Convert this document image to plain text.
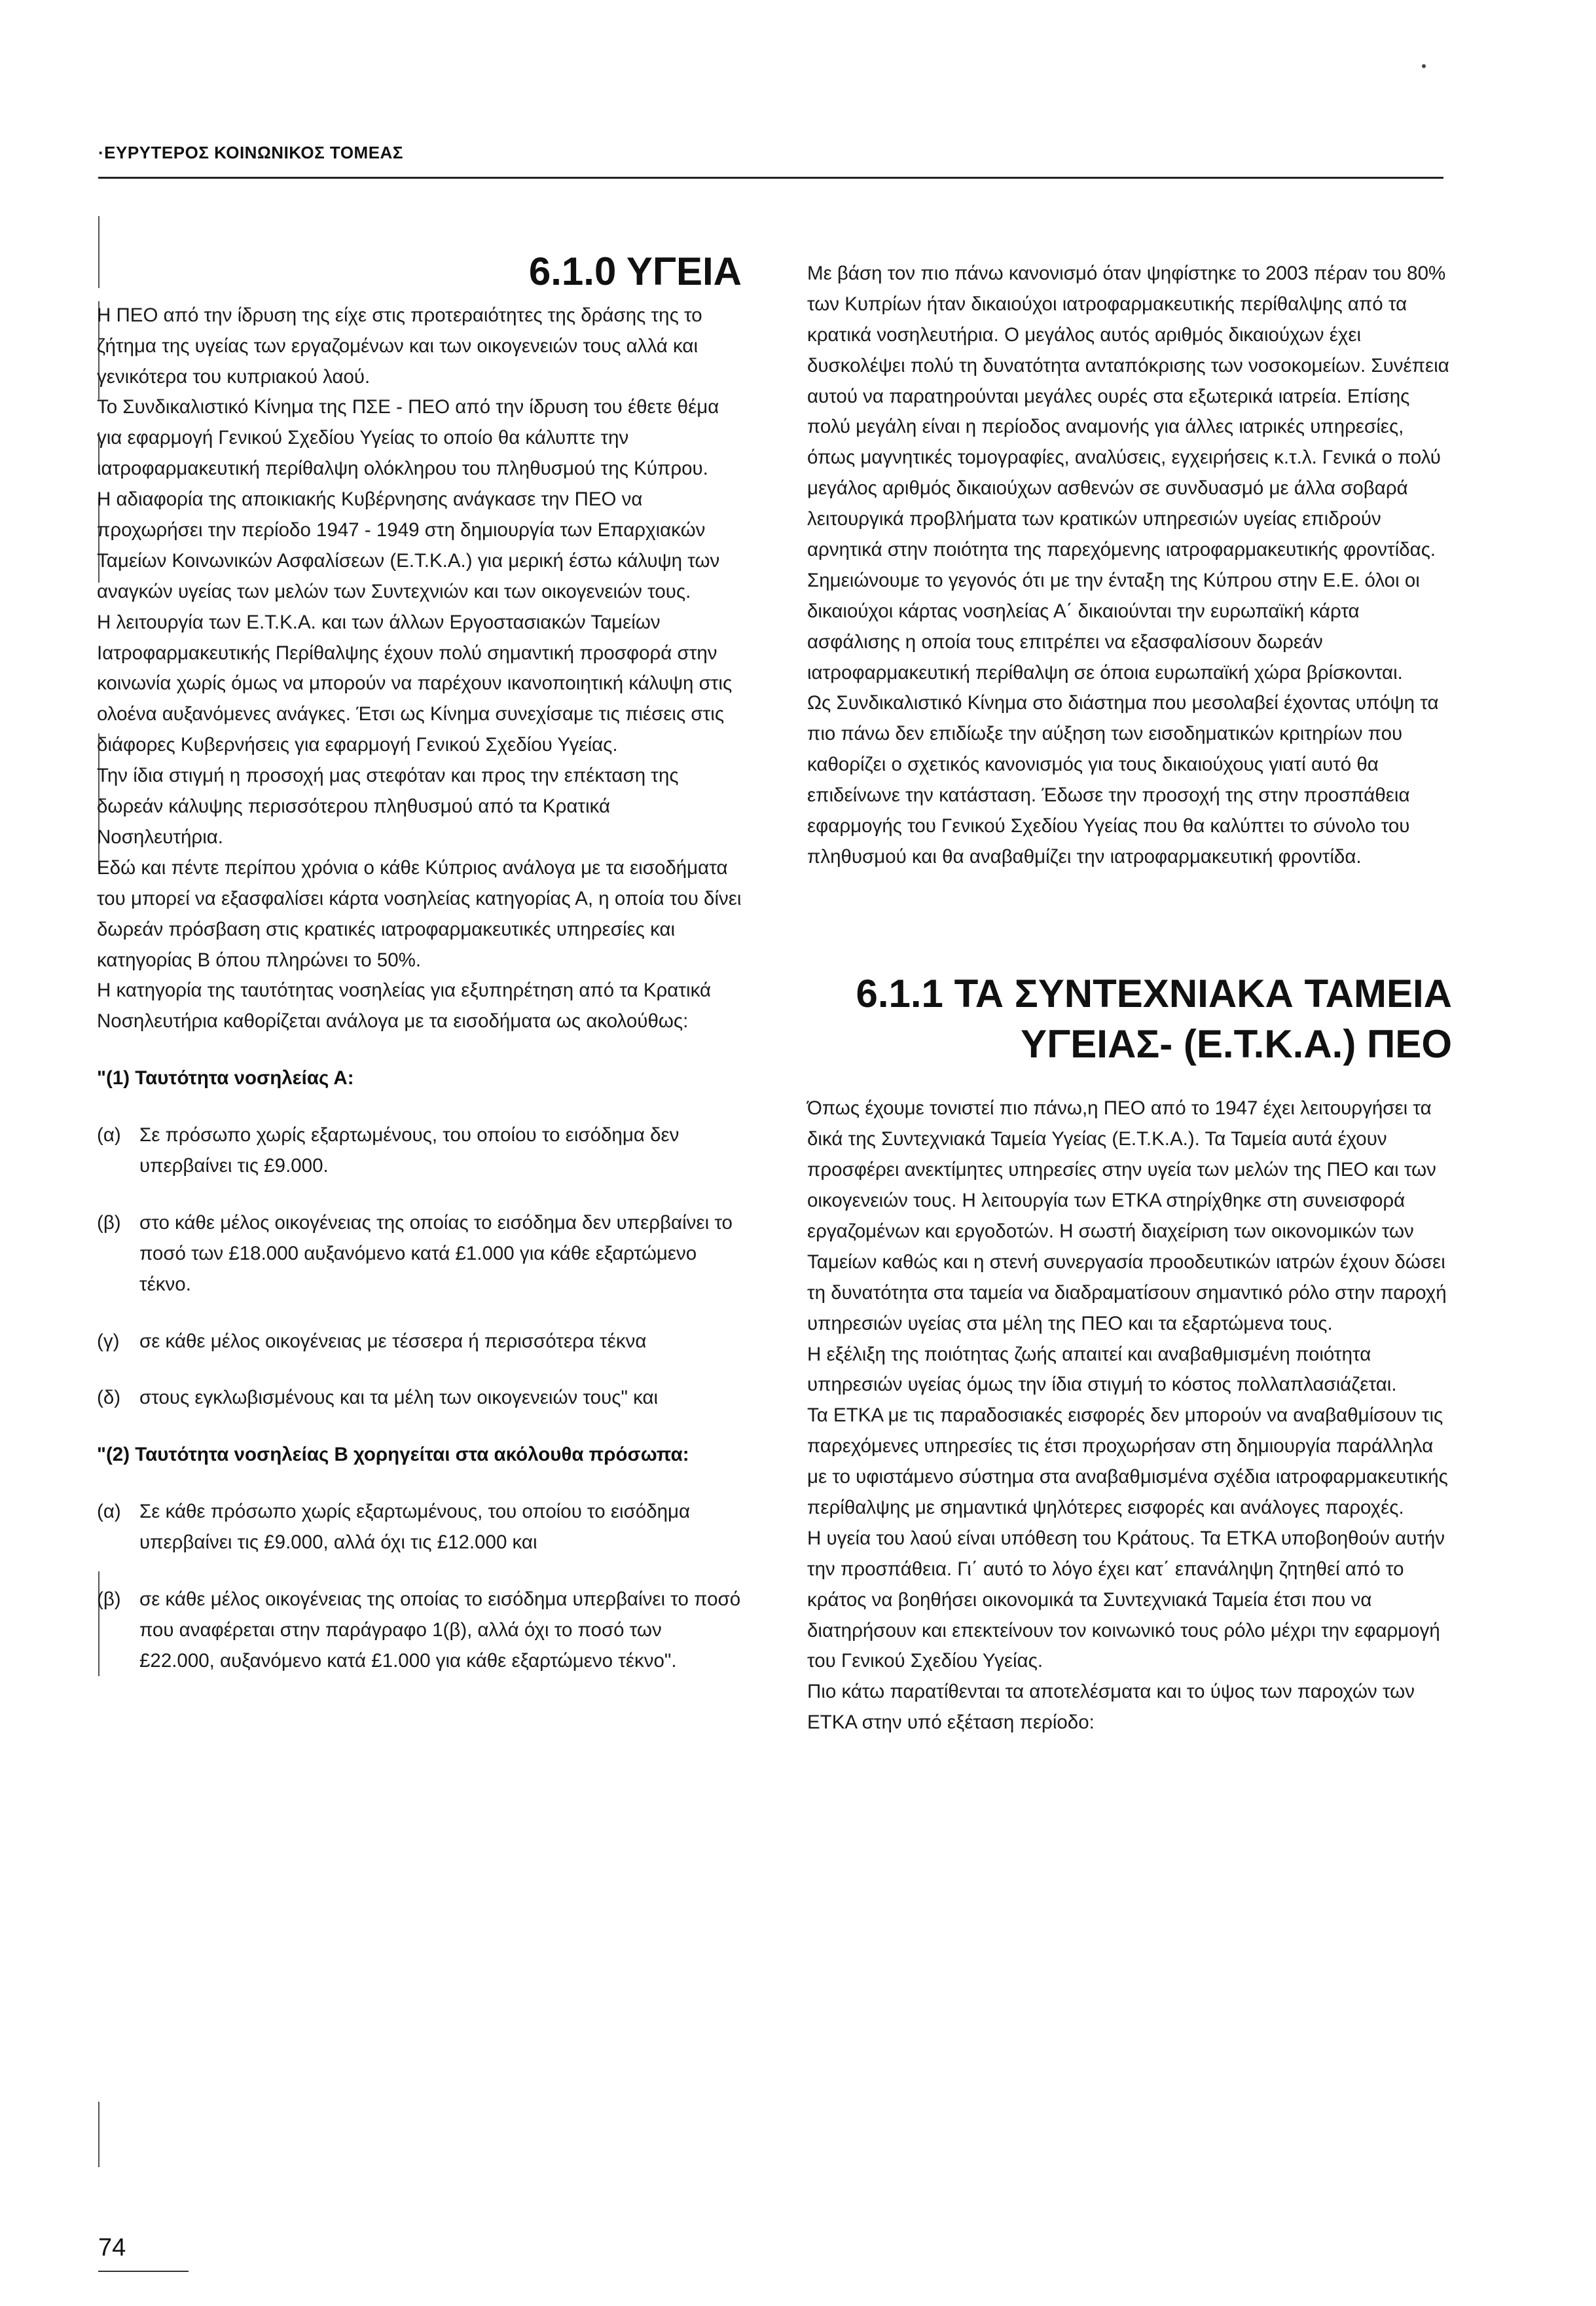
·ΕΥΡΥΤΕΡΟΣ ΚΟΙΝΩΝΙΚΟΣ ΤΟΜΕΑΣ
6.1.0 ΥΓΕΙΑ

Η ΠΕΟ από την ίδρυση της είχε στις προτεραιότητες της δράσης της το ζήτημα της υγείας των εργαζομένων και των οικογενειών τους αλλά και γενικότερα του κυπριακού λαού.

Το Συνδικαλιστικό Κίνημα της ΠΣΕ - ΠΕΟ από την ίδρυση του έθετε θέμα για εφαρμογή Γενικού Σχεδίου Υγείας το οποίο θα κάλυπτε την ιατροφαρμακευτική περίθαλψη ολόκληρου του πληθυσμού της Κύπρου.

Η αδιαφορία της αποικιακής Κυβέρνησης ανάγκασε την ΠΕΟ να προχωρήσει την περίοδο 1947 - 1949 στη δημιουργία των Επαρχιακών Ταμείων Κοινωνικών Ασφαλίσεων (Ε.Τ.Κ.Α.) για μερική έστω κάλυψη των αναγκών υγείας των μελών των Συντεχνιών και των οικογενειών τους.

Η λειτουργία των Ε.Τ.Κ.Α. και των άλλων Εργοστασιακών Ταμείων Ιατροφαρμακευτικής Περίθαλψης έχουν πολύ σημαντική προσφορά στην κοινωνία χωρίς όμως να μπορούν να παρέχουν ικανοποιητική κάλυψη στις ολοένα αυξανόμενες ανάγκες. Έτσι ως Κίνημα συνεχίσαμε τις πιέσεις στις διάφορες Κυβερνήσεις για εφαρμογή Γενικού Σχεδίου Υγείας.

Την ίδια στιγμή η προσοχή μας στεφόταν και προς την επέκταση της δωρεάν κάλυψης περισσότερου πληθυσμού από τα Κρατικά Νοσηλευτήρια.

Εδώ και πέντε περίπου χρόνια ο κάθε Κύπριος ανάλογα με τα εισοδήματα του μπορεί να εξασφαλίσει κάρτα νοσηλείας κατηγορίας Α, η οποία του δίνει δωρεάν πρόσβαση στις κρατικές ιατροφαρμακευτικές υπηρεσίες και κατηγορίας Β όπου πληρώνει το 50%.

Η κατηγορία της ταυτότητας νοσηλείας για εξυπηρέτηση από τα Κρατικά Νοσηλευτήρια καθορίζεται ανάλογα με τα εισοδήματα ως ακολούθως:

"(1) Ταυτότητα νοσηλείας Α:

(α) Σε πρόσωπο χωρίς εξαρτωμένους, του οποίου το εισόδημα δεν υπερβαίνει τις £9.000.

(β) στο κάθε μέλος οικογένειας της οποίας το εισόδημα δεν υπερβαίνει το ποσό των £18.000 αυξανόμενο κατά £1.000 για κάθε εξαρτώμενο τέκνο.

(γ) σε κάθε μέλος οικογένειας με τέσσερα ή περισσότερα τέκνα

(δ) στους εγκλωβισμένους και τα μέλη των οικογενειών τους" και

"(2) Ταυτότητα νοσηλείας Β χορηγείται στα ακόλουθα πρόσωπα:

(α) Σε κάθε πρόσωπο χωρίς εξαρτωμένους, του οποίου το εισόδημα υπερβαίνει τις £9.000, αλλά όχι τις £12.000 και

(β) σε κάθε μέλος οικογένειας της οποίας το εισόδημα υπερβαίνει το ποσό που αναφέρεται στην παράγραφο 1(β), αλλά όχι το ποσό των £22.000, αυξανόμενο κατά £1.000 για κάθε εξαρτώμενο τέκνο".

Με βάση τον πιο πάνω κανονισμό όταν ψηφίστηκε το 2003 πέραν του 80% των Κυπρίων ήταν δικαιούχοι ιατροφαρμακευτικής περίθαλψης από τα κρατικά νοσηλευτήρια. Ο μεγάλος αυτός αριθμός δικαιούχων έχει δυσκολέψει πολύ τη δυνατότητα ανταπόκρισης των νοσοκομείων. Συνέπεια αυτού να παρατηρούνται μεγάλες ουρές στα εξωτερικά ιατρεία. Επίσης πολύ μεγάλη είναι η περίοδος αναμονής για άλλες ιατρικές υπηρεσίες, όπως μαγνητικές τομογραφίες, αναλύσεις, εγχειρήσεις κ.τ.λ. Γενικά ο πολύ μεγάλος αριθμός δικαιούχων ασθενών σε συνδυασμό με άλλα σοβαρά λειτουργικά προβλήματα των κρατικών υπηρεσιών υγείας επιδρούν αρνητικά στην ποιότητα της παρεχόμενης ιατροφαρμακευτικής φροντίδας.

Σημειώνουμε το γεγονός ότι με την ένταξη της Κύπρου στην Ε.Ε. όλοι οι δικαιούχοι κάρτας νοσηλείας Α΄ δικαιούνται την ευρωπαϊκή κάρτα ασφάλισης η οποία τους επιτρέπει να εξασφαλίσουν δωρεάν ιατροφαρμακευτική περίθαλψη σε όποια ευρωπαϊκή χώρα βρίσκονται.

Ως Συνδικαλιστικό Κίνημα στο διάστημα που μεσολαβεί έχοντας υπόψη τα πιο πάνω δεν επιδίωξε την αύξηση των εισοδηματικών κριτηρίων που καθορίζει ο σχετικός κανονισμός για τους δικαιούχους γιατί αυτό θα επιδείνωνε την κατάσταση. Έδωσε την προσοχή της στην προσπάθεια εφαρμογής του Γενικού Σχεδίου Υγείας που θα καλύπτει το σύνολο του πληθυσμού και θα αναβαθμίζει την ιατροφαρμακευτική φροντίδα.

6.1.1 ΤΑ ΣΥΝΤΕΧΝΙΑΚΑ ΤΑΜΕΙΑ
ΥΓΕΙΑΣ- (Ε.Τ.Κ.Α.) ΠΕΟ

Όπως έχουμε τονιστεί πιο πάνω,η ΠΕΟ από το 1947 έχει λειτουργήσει τα δικά της Συντεχνιακά Ταμεία Υγείας (Ε.Τ.Κ.Α.). Τα Ταμεία αυτά έχουν προσφέρει ανεκτίμητες υπηρεσίες στην υγεία των μελών της ΠΕΟ και των οικογενειών τους. Η λειτουργία των ΕΤΚΑ στηρίχθηκε στη συνεισφορά εργαζομένων και εργοδοτών. Η σωστή διαχείριση των οικονομικών των Ταμείων καθώς και η στενή συνεργασία προοδευτικών ιατρών έχουν δώσει τη δυνατότητα στα ταμεία να διαδραματίσουν σημαντικό ρόλο στην παροχή υπηρεσιών υγείας στα μέλη της ΠΕΟ και τα εξαρτώμενα τους.

Η εξέλιξη της ποιότητας ζωής απαιτεί και αναβαθμισμένη ποιότητα υπηρεσιών υγείας όμως την ίδια στιγμή το κόστος πολλαπλασιάζεται.

Τα ΕΤΚΑ με τις παραδοσιακές εισφορές δεν μπορούν να αναβαθμίσουν τις παρεχόμενες υπηρεσίες τις έτσι προχωρήσαν στη δημιουργία παράλληλα με το υφιστάμενο σύστημα στα αναβαθμισμένα σχέδια ιατροφαρμακευτικής περίθαλψης με σημαντικά ψηλότερες εισφορές και ανάλογες παροχές.

Η υγεία του λαού είναι υπόθεση του Κράτους. Τα ΕΤΚΑ υποβοηθούν αυτήν την προσπάθεια. Γι΄ αυτό το λόγο έχει κατ΄ επανάληψη ζητηθεί από το κράτος να βοηθήσει οικονομικά τα Συντεχνιακά Ταμεία έτσι που να διατηρήσουν και επεκτείνουν τον κοινωνικό τους ρόλο μέχρι την εφαρμογή του Γενικού Σχεδίου Υγείας.

Πιο κάτω παρατίθενται τα αποτελέσματα και το ύψος των παροχών των ΕΤΚΑ στην υπό εξέταση περίοδο:

74
